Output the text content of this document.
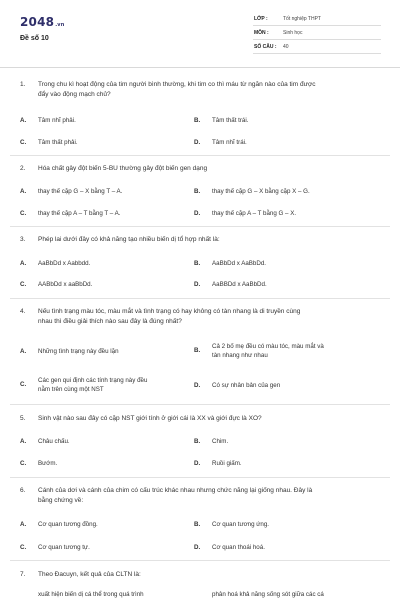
2048.vn
Đề số 10
LỚP :	Tốt nghiệp THPT
MÔN :	Sinh học
SỐ CÂU : 40
1. Trong chu kì hoạt động của tim người bình thường, khi tim co thì máu từ ngăn nào của tim được
đẩy vào động mạch chủ?
A. Tâm nhĩ phải.	B. Tâm thất trái.
C. Tâm thất phải.	D. Tâm nhĩ trái.
2. Hóa chất gây đột biến 5-BU thường gây đột biến gen dạng
A. thay thế cặp G – X bằng T – A.	B. thay thế cặp G – X bằng cặp X – G.
C. thay thế cặp A – T bằng T – A.	D. thay thế cặp A – T bằng G – X.
3. Phép lai dưới đây có khả năng tạo nhiều biến dị tổ hợp nhất là:
A. AaBbDd x Aabbdd.	B. AaBbDd x AaBbDd.
C. AABbDd x aaBbDd.	D. AaBBDd x AaBbDd.
4. Nếu tình trạng màu tóc, màu mắt và tình trạng có hay không có tàn nhang là di truyền cùng
nhau thì điều giải thích nào sau đây là đúng nhất?
A. Những tình trạng này đều lặn	B.
Cả 2 bố mẹ đều có màu tóc, màu mắt và
tàn nhang như nhau
C.
Các gen qui định các tính trạng này đều
nằm trên cùng một NST
D. Có sự nhân bản của gen
5. Sinh vật nào sau đây có cặp NST giới tính ở giới cái là XX và giới đực là XO?
A. Châu chấu.	B. Chim.
C. Bướm.	D. Ruồi giấm.
6. Cánh của dơi và cánh của chim có cấu trúc khác nhau nhưng chức năng lại giống nhau. Đây là
bằng chứng về:
A. Cơ quan tương đồng.	B. Cơ quan tương ứng.
C. Cơ quan tương tự.	D. Cơ quan thoái hoá.
7. Theo Đacuyn, kết quả của CLTN là:
xuất hiện biến dị cá thể trong quá trình	phân hoá khả năng sống sót giữa các cá
